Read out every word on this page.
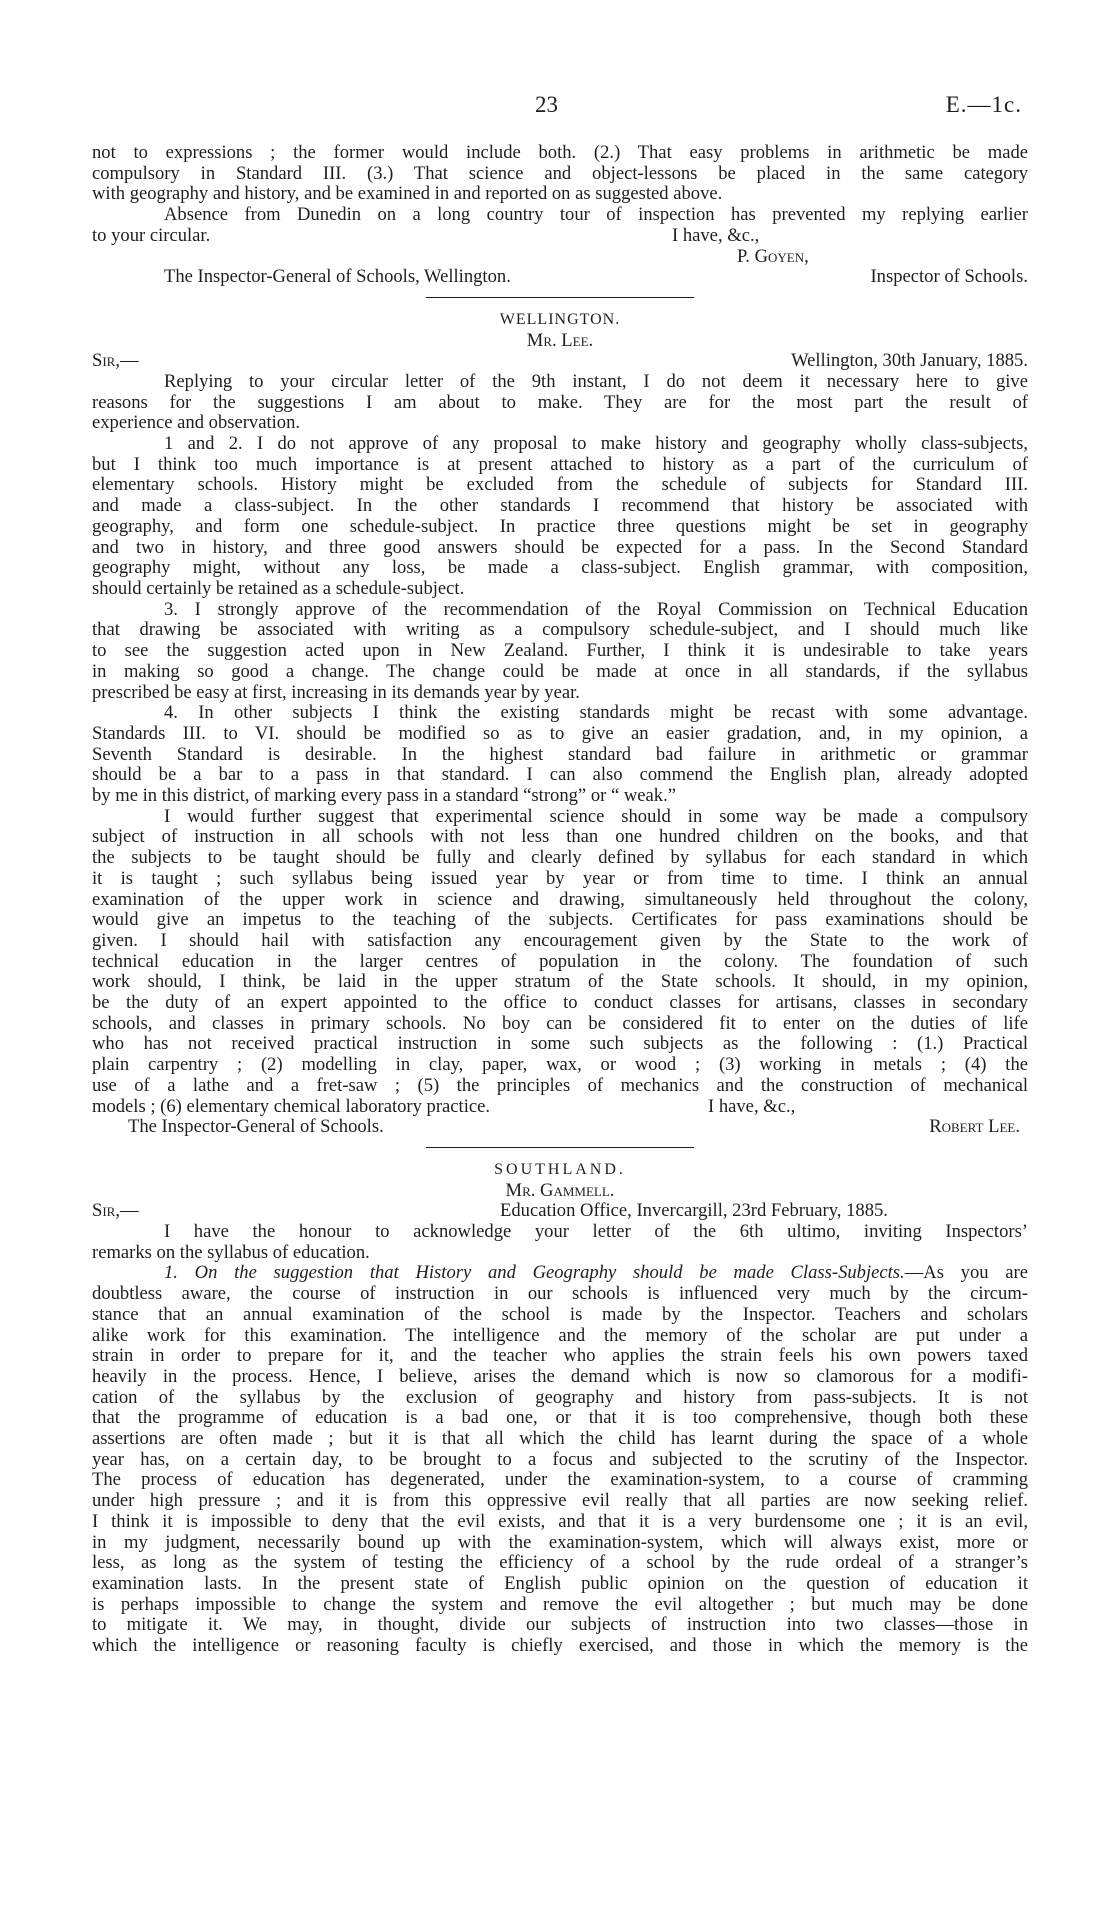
23	E.—1c.

not to expressions ; the former would include both. (2.) That easy problems in arithmetic be made

compulsory in Standard III. (3.) That science and object-lessons be placed in the same category

with geography and history, and be examined in and reported on as suggested above.

Absence from Dunedin on a long country tour of inspection has prevented my replying earlier

to your circular.	I have, &c.,
P. Goyen,
The Inspector-General of Schools, Wellington.	Inspector of Schools.

WELLINGTON.

Mr. Lee.

Sir,—	Wellington, 30th January, 1885.

Replying to your circular letter of the 9th instant, I do not deem it necessary here to give

reasons for the suggestions I am about to make. They are for the most part the result of

experience and observation.

1 and 2. I do not approve of any proposal to make history and geography wholly class-subjects,

but I think too much importance is at present attached to history as a part of the curriculum of

elementary schools. History might be excluded from the schedule of subjects for Standard III.

and made a class-subject. In the other standards I recommend that history be associated with

geography, and form one schedule-subject. In practice three questions might be set in geography

and two in history, and three good answers should be expected for a pass. In the Second Standard

geography might, without any loss, be made a class-subject. English grammar, with composition,

should certainly be retained as a schedule-subject.

3. I strongly approve of the recommendation of the Royal Commission on Technical Education

that drawing be associated with writing as a compulsory schedule-subject, and I should much like

to see the suggestion acted upon in New Zealand. Further, I think it is undesirable to take years

in making so good a change. The change could be made at once in all standards, if the syllabus

prescribed be easy at first, increasing in its demands year by year.

4. In other subjects I think the existing standards might be recast with some advantage.

Standards III. to VI. should be modified so as to give an easier gradation, and, in my opinion, a

Seventh Standard is desirable. In the highest standard bad failure in arithmetic or grammar

should be a bar to a pass in that standard. I can also commend the English plan, already adopted

by me in this district, of marking every pass in a standard “strong” or “ weak.”

I would further suggest that experimental science should in some way be made a compulsory

subject of instruction in all schools with not less than one hundred children on the books, and that

the subjects to be taught should be fully and clearly defined by syllabus for each standard in which

it is taught ; such syllabus being issued year by year or from time to time. I think an annual

examination of the upper work in science and drawing, simultaneously held throughout the colony,

would give an impetus to the teaching of the subjects. Certificates for pass examinations should be

given. I should hail with satisfaction any encouragement given by the State to the work of

technical education in the larger centres of population in the colony. The foundation of such

work should, I think, be laid in the upper stratum of the State schools. It should, in my opinion,

be the duty of an expert appointed to the office to conduct classes for artisans, classes in secondary

schools, and classes in primary schools. No boy can be considered fit to enter on the duties of life

who has not received practical instruction in some such subjects as the following : (1.) Practical

plain carpentry ; (2) modelling in clay, paper, wax, or wood ; (3) working in metals ; (4) the

use of a lathe and a fret-saw ; (5) the principles of mechanics and the construction of mechanical

models ; (6) elementary chemical laboratory practice.	I have, &c.,
The Inspector-General of Schools.	Robert Lee.

SOUTHLAND.

Mr. Gammell.

Sir,—	Education Office, Invercargill, 23rd February, 1885.

I have the honour to acknowledge your letter of the 6th ultimo, inviting Inspectors’

remarks on the syllabus of education.

1. On the suggestion that History and Geography should be made Class-Subjects.—As you are

doubtless aware, the course of instruction in our schools is influenced very much by the circum-

stance that an annual examination of the school is made by the Inspector. Teachers and scholars

alike work for this examination. The intelligence and the memory of the scholar are put under a

strain in order to prepare for it, and the teacher who applies the strain feels his own powers taxed

heavily in the process. Hence, I believe, arises the demand which is now so clamorous for a modifi-

cation of the syllabus by the exclusion of geography and history from pass-subjects. It is not

that the programme of education is a bad one, or that it is too comprehensive, though both these

assertions are often made ; but it is that all which the child has learnt during the space of a whole

year has, on a certain day, to be brought to a focus and subjected to the scrutiny of the Inspector.

The process of education has degenerated, under the examination-system, to a course of cramming

under high pressure ; and it is from this oppressive evil really that all parties are now seeking relief.

I think it is impossible to deny that the evil exists, and that it is a very burdensome one ; it is an evil,

in my judgment, necessarily bound up with the examination-system, which will always exist, more or

less, as long as the system of testing the efficiency of a school by the rude ordeal of a stranger’s

examination lasts. In the present state of English public opinion on the question of education it

is perhaps impossible to change the system and remove the evil altogether ; but much may be done

to mitigate it. We may, in thought, divide our subjects of instruction into two classes—those in

which the intelligence or reasoning faculty is chiefly exercised, and those in which the memory is the
